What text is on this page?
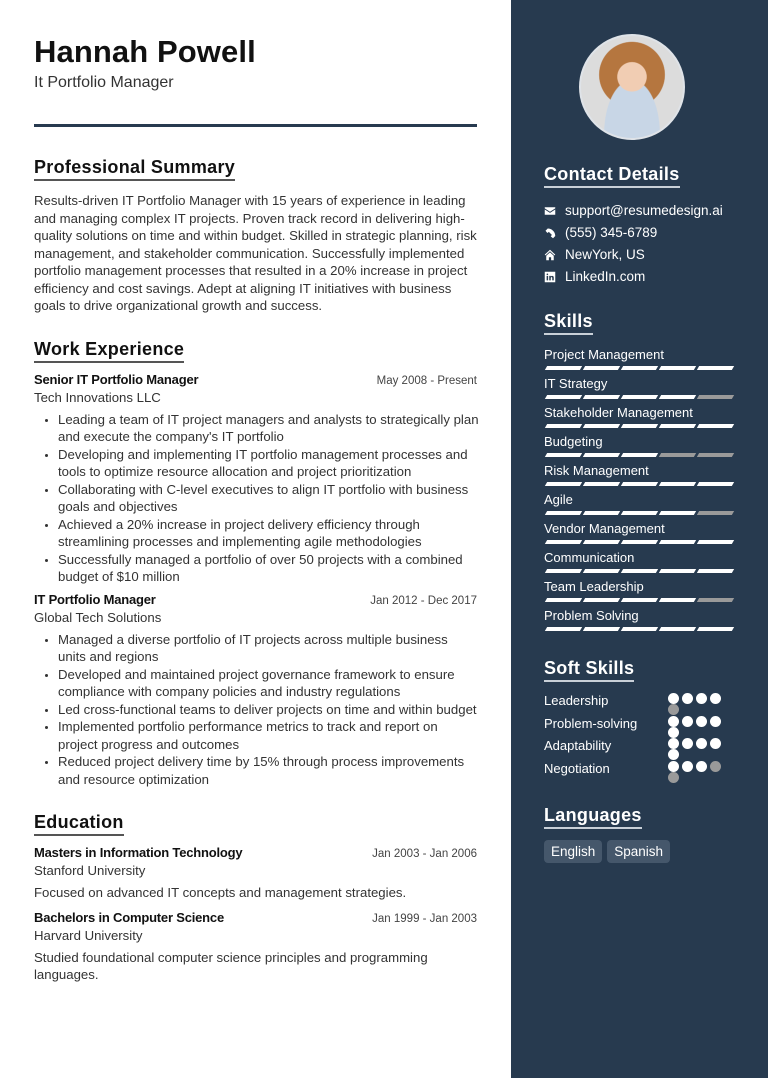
Hannah Powell
It Portfolio Manager
Professional Summary

Results-driven IT Portfolio Manager with 15 years of experience in leading and managing complex IT projects. Proven track record in delivering high-quality solutions on time and within budget. Skilled in strategic planning, risk management, and stakeholder communication. Successfully implemented portfolio management processes that resulted in a 20% increase in project efficiency and cost savings. Adept at aligning IT initiatives with business goals to drive organizational growth and success.

Work Experience
Senior IT Portfolio Manager	May 2008 - Present
Tech Innovations LLC
• Leading a team of IT project managers and analysts to strategically plan and execute the company's IT portfolio
• Developing and implementing IT portfolio management processes and tools to optimize resource allocation and project prioritization
• Collaborating with C-level executives to align IT portfolio with business goals and objectives
• Achieved a 20% increase in project delivery efficiency through streamlining processes and implementing agile methodologies
• Successfully managed a portfolio of over 50 projects with a combined budget of $10 million
IT Portfolio Manager	Jan 2012 - Dec 2017
Global Tech Solutions
• Managed a diverse portfolio of IT projects across multiple business units and regions
• Developed and maintained project governance framework to ensure compliance with company policies and industry regulations
• Led cross-functional teams to deliver projects on time and within budget
• Implemented portfolio performance metrics to track and report on project progress and outcomes
• Reduced project delivery time by 15% through process improvements and resource optimization
Education
Masters in Information Technology	Jan 2003 - Jan 2006
Stanford University

Focused on advanced IT concepts and management strategies.

Bachelors in Computer Science	Jan 1999 - Jan 2003
Harvard University

Studied foundational computer science principles and programming languages.

Contact Details
support@resumedesign.ai
(555) 345-6789
NewYork, US
LinkedIn.com
Skills
Project Management
IT Strategy
Stakeholder Management
Budgeting
Risk Management
Agile
Vendor Management
Communication
Team Leadership
Problem Solving
Soft Skills
Leadership
Problem-solving
Adaptability
Negotiation
Languages
English	Spanish
